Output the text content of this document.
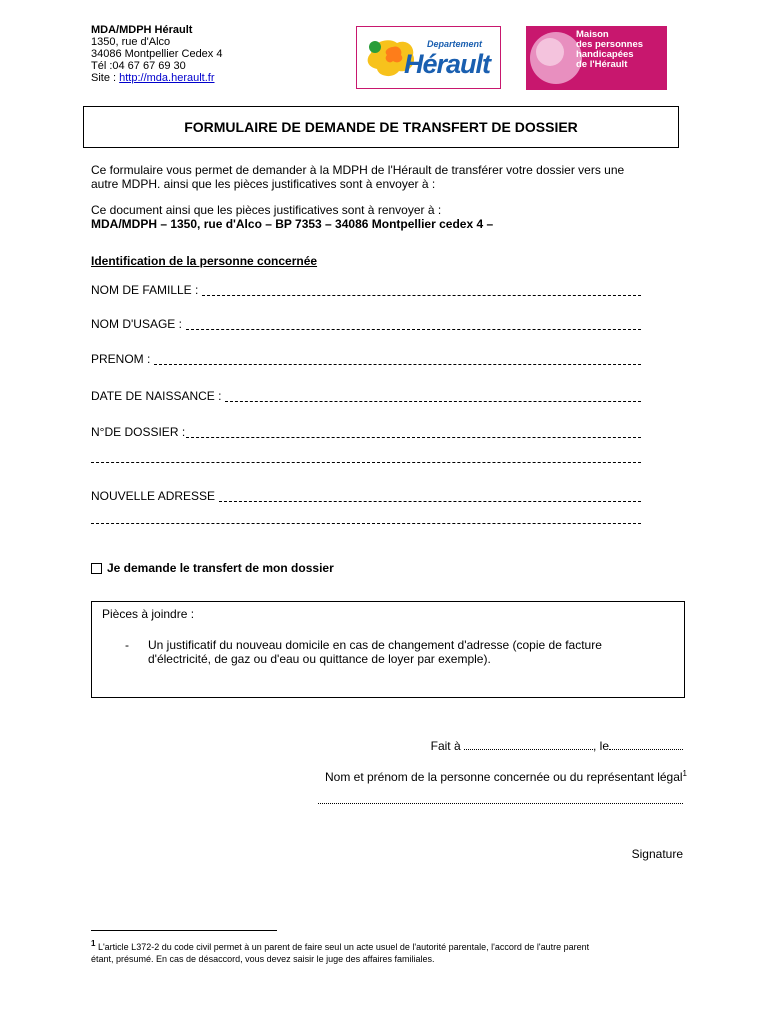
MDA/MDPH Hérault
1350, rue d'Alco
34086 Montpellier Cedex 4
Tél :04 67 67 69 30
Site : http://mda.herault.fr
Departement
Hérault
Maison
des personnes
handicapées
de l'Hérault
FORMULAIRE DE DEMANDE DE TRANSFERT DE DOSSIER
Ce formulaire vous permet de demander à la MDPH de l'Hérault de transférer votre dossier vers une
autre MDPH. ainsi que les pièces justificatives sont à envoyer à :
Ce document ainsi que les pièces justificatives sont à renvoyer à :
MDA/MDPH – 1350, rue d'Alco – BP 7353 – 34086 Montpellier cedex 4 –
Identification de la personne concernée
NOM DE FAMILLE :
NOM D'USAGE :
PRENOM :
DATE DE NAISSANCE :
N°DE DOSSIER :
NOUVELLE ADRESSE
Je demande le transfert de mon dossier
Pièces à joindre :
- Un justificatif du nouveau domicile en cas de changement d'adresse (copie de facture
d'électricité, de gaz ou d'eau ou quittance de loyer par exemple).
Fait à	, le
Nom et prénom de la personne concernée ou du représentant légal$^1$
Signature
$^1$ L'article L372-2 du code civil permet à un parent de faire seul un acte usuel de l'autorité parentale, l'accord de l'autre parent
étant, présumé. En cas de désaccord, vous devez saisir le juge des affaires familiales.
